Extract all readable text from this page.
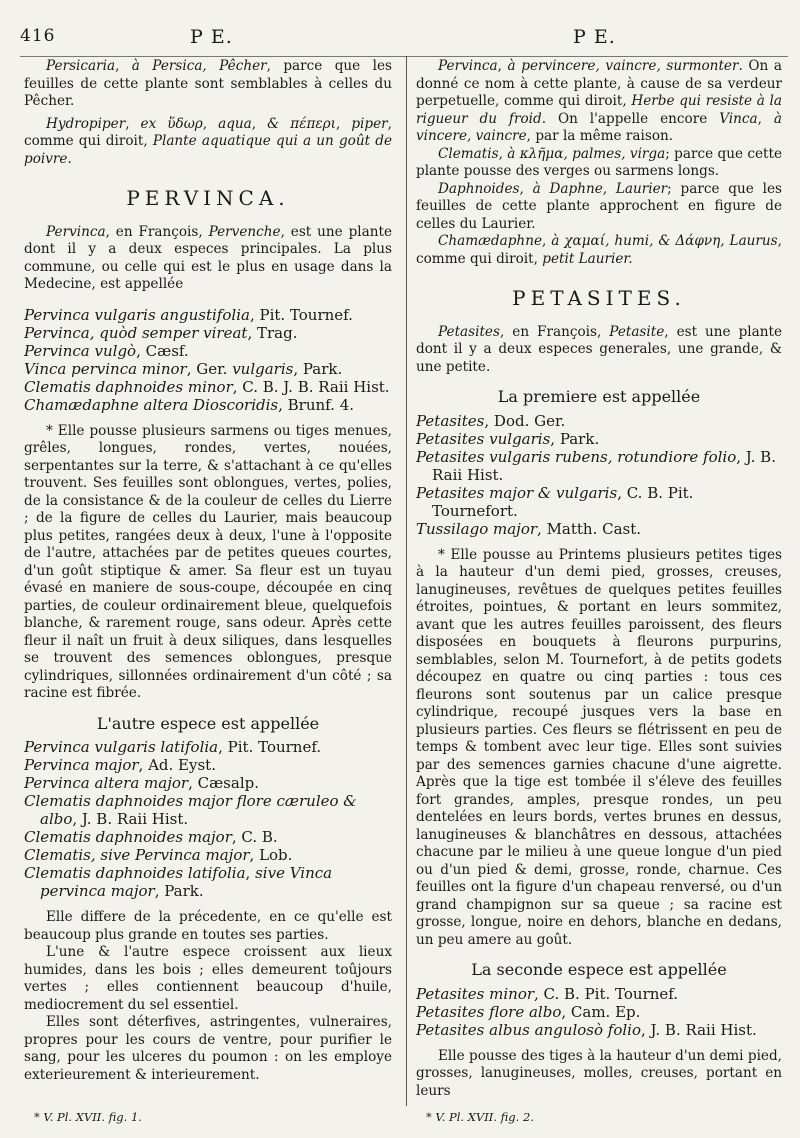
416	P E.	P E.

Persicaria, à Persica, Pêcher, parce que les feuilles de cette plante sont semblables à celles du Pêcher.

Hydropiper, ex ὕδωρ, aqua, & πέπερι, piper, comme qui diroit, Plante aquatique qui a un goût de poivre.

PERVINCA.

Pervinca, en François, Pervenche, est une plante dont il y a deux especes principales. La plus commune, ou celle qui est le plus en usage dans la Medecine, est appellée

Pervinca vulgaris angustifolia, Pit. Tournef.

Pervinca, quòd semper vireat, Trag.

Pervinca vulgò, Cæsf.

Vinca pervinca minor, Ger. vulgaris, Park.

Clematis daphnoides minor, C. B. J. B. Raii Hist.

Chamædaphne altera Dioscoridis, Brunf. 4.

* Elle pousse plusieurs sarmens ou tiges menues, grêles, longues, rondes, vertes, nouées, serpentantes sur la terre, & s'attachant à ce qu'elles trouvent. Ses feuilles sont oblongues, vertes, polies, de la consistance & de la couleur de celles du Lierre ; de la figure de celles du Laurier, mais beaucoup plus petites, rangées deux à deux, l'une à l'opposite de l'autre, attachées par de petites queues courtes, d'un goût stiptique & amer. Sa fleur est un tuyau évasé en maniere de sous-coupe, découpée en cinq parties, de couleur ordinairement bleue, quelquefois blanche, & rarement rouge, sans odeur. Après cette fleur il naît un fruit à deux siliques, dans lesquelles se trouvent des semences oblongues, presque cylindriques, sillonnées ordinairement d'un côté ; sa racine est fibrée.

L'autre espece est appellée

Pervinca vulgaris latifolia, Pit. Tournef.

Pervinca major, Ad. Eyst.

Pervinca altera major, Cæsalp.

Clematis daphnoides major flore cæruleo & albo, J. B. Raii Hist.

Clematis daphnoides major, C. B.

Clematis, sive Pervinca major, Lob.

Clematis daphnoides latifolia, sive Vinca pervinca major, Park.

Elle differe de la précedente, en ce qu'elle est beaucoup plus grande en toutes ses parties.

L'une & l'autre espece croissent aux lieux humides, dans les bois ; elles demeurent toûjours vertes ; elles contiennent beaucoup d'huile, mediocrement du sel essentiel.

Elles sont déterfives, astringentes, vulneraires, propres pour les cours de ventre, pour purifier le sang, pour les ulceres du poumon : on les employe exterieurement & interieurement.

Pervinca, à pervincere, vaincre, surmonter. On a donné ce nom à cette plante, à cause de sa verdeur perpetuelle, comme qui diroit, Herbe qui resiste à la rigueur du froid. On l'appelle encore Vinca, à vincere, vaincre, par la même raison.

Clematis, à κλῆμα, palmes, virga; parce que cette plante pousse des verges ou sarmens longs.

Daphnoides, à Daphne, Laurier; parce que les feuilles de cette plante approchent en figure de celles du Laurier.

Chamædaphne, à χαμαί, humi, & Δάφνη, Laurus, comme qui diroit, petit Laurier.

PETASITES.

Petasites, en François, Petasite, est une plante dont il y a deux especes generales, une grande, & une petite.

La premiere est appellée

Petasites, Dod. Ger.

Petasites vulgaris, Park.

Petasites vulgaris rubens, rotundiore folio, J. B. Raii Hist.

Petasites major & vulgaris, C. B. Pit. Tournefort.

Tussilago major, Matth. Cast.

* Elle pousse au Printems plusieurs petites tiges à la hauteur d'un demi pied, grosses, creuses, lanugineuses, revêtues de quelques petites feuilles étroites, pointues, & portant en leurs sommitez, avant que les autres feuilles paroissent, des fleurs disposées en bouquets à fleurons purpurins, semblables, selon M. Tournefort, à de petits godets découpez en quatre ou cinq parties : tous ces fleurons sont soutenus par un calice presque cylindrique, recoupé jusques vers la base en plusieurs parties. Ces fleurs se flétrissent en peu de temps & tombent avec leur tige. Elles sont suivies par des semences garnies chacune d'une aigrette. Après que la tige est tombée il s'éleve des feuilles fort grandes, amples, presque rondes, un peu dentelées en leurs bords, vertes brunes en dessus, lanugineuses & blanchâtres en dessous, attachées chacune par le milieu à une queue longue d'un pied ou d'un pied & demi, grosse, ronde, charnue. Ces feuilles ont la figure d'un chapeau renversé, ou d'un grand champignon sur sa queue ; sa racine est grosse, longue, noire en dehors, blanche en dedans, un peu amere au goût.

La seconde espece est appellée

Petasites minor, C. B. Pit. Tournef.

Petasites flore albo, Cam. Ep.

Petasites albus angulosò folio, J. B. Raii Hist.

Elle pousse des tiges à la hauteur d'un demi pied, grosses, lanugineuses, molles, creuses, portant en leurs

* V. Pl. XVII. fig. 1.	* V. Pl. XVII. fig. 2.
